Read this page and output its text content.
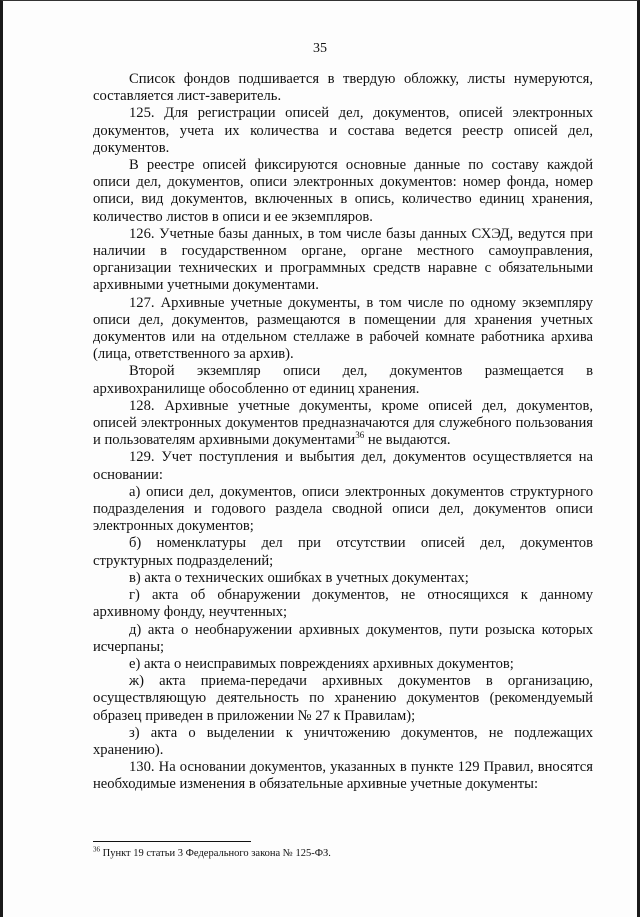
35

Список фондов подшивается в твердую обложку, листы нумеруются, составляется лист-заверитель.

125. Для регистрации описей дел, документов, описей электронных документов, учета их количества и состава ведется реестр описей дел, документов.

В реестре описей фиксируются основные данные по составу каждой описи дел, документов, описи электронных документов: номер фонда, номер описи, вид документов, включенных в опись, количество единиц хранения, количество листов в описи и ее экземпляров.

126. Учетные базы данных, в том числе базы данных СХЭД, ведутся при наличии в государственном органе, органе местного самоуправления, организации технических и программных средств наравне с обязательными архивными учетными документами.

127. Архивные учетные документы, в том числе по одному экземпляру описи дел, документов, размещаются в помещении для хранения учетных документов или на отдельном стеллаже в рабочей комнате работника архива (лица, ответственного за архив).

Второй экземпляр описи дел, документов размещается в архивохранилище обособленно от единиц хранения.

128. Архивные учетные документы, кроме описей дел, документов, описей электронных документов предназначаются для служебного пользования и пользователям архивными документами$^{36}$ не выдаются.

129. Учет поступления и выбытия дел, документов осуществляется на основании:

а) описи дел, документов, описи электронных документов структурного подразделения и годового раздела сводной описи дел, документов описи электронных документов;

б) номенклатуры дел при отсутствии описей дел, документов структурных подразделений;

в) акта о технических ошибках в учетных документах;

г) акта об обнаружении документов, не относящихся к данному архивному фонду, неучтенных;

д) акта о необнаружении архивных документов, пути розыска которых исчерпаны;

е) акта о неисправимых повреждениях архивных документов;

ж) акта приема-передачи архивных документов в организацию, осуществляющую деятельность по хранению документов (рекомендуемый образец приведен в приложении № 27 к Правилам);

з) акта о выделении к уничтожению документов, не подлежащих хранению).

130. На основании документов, указанных в пункте 129 Правил, вносятся необходимые изменения в обязательные архивные учетные документы:

$^{36}$ Пункт 19 статьи 3 Федерального закона № 125-ФЗ.
